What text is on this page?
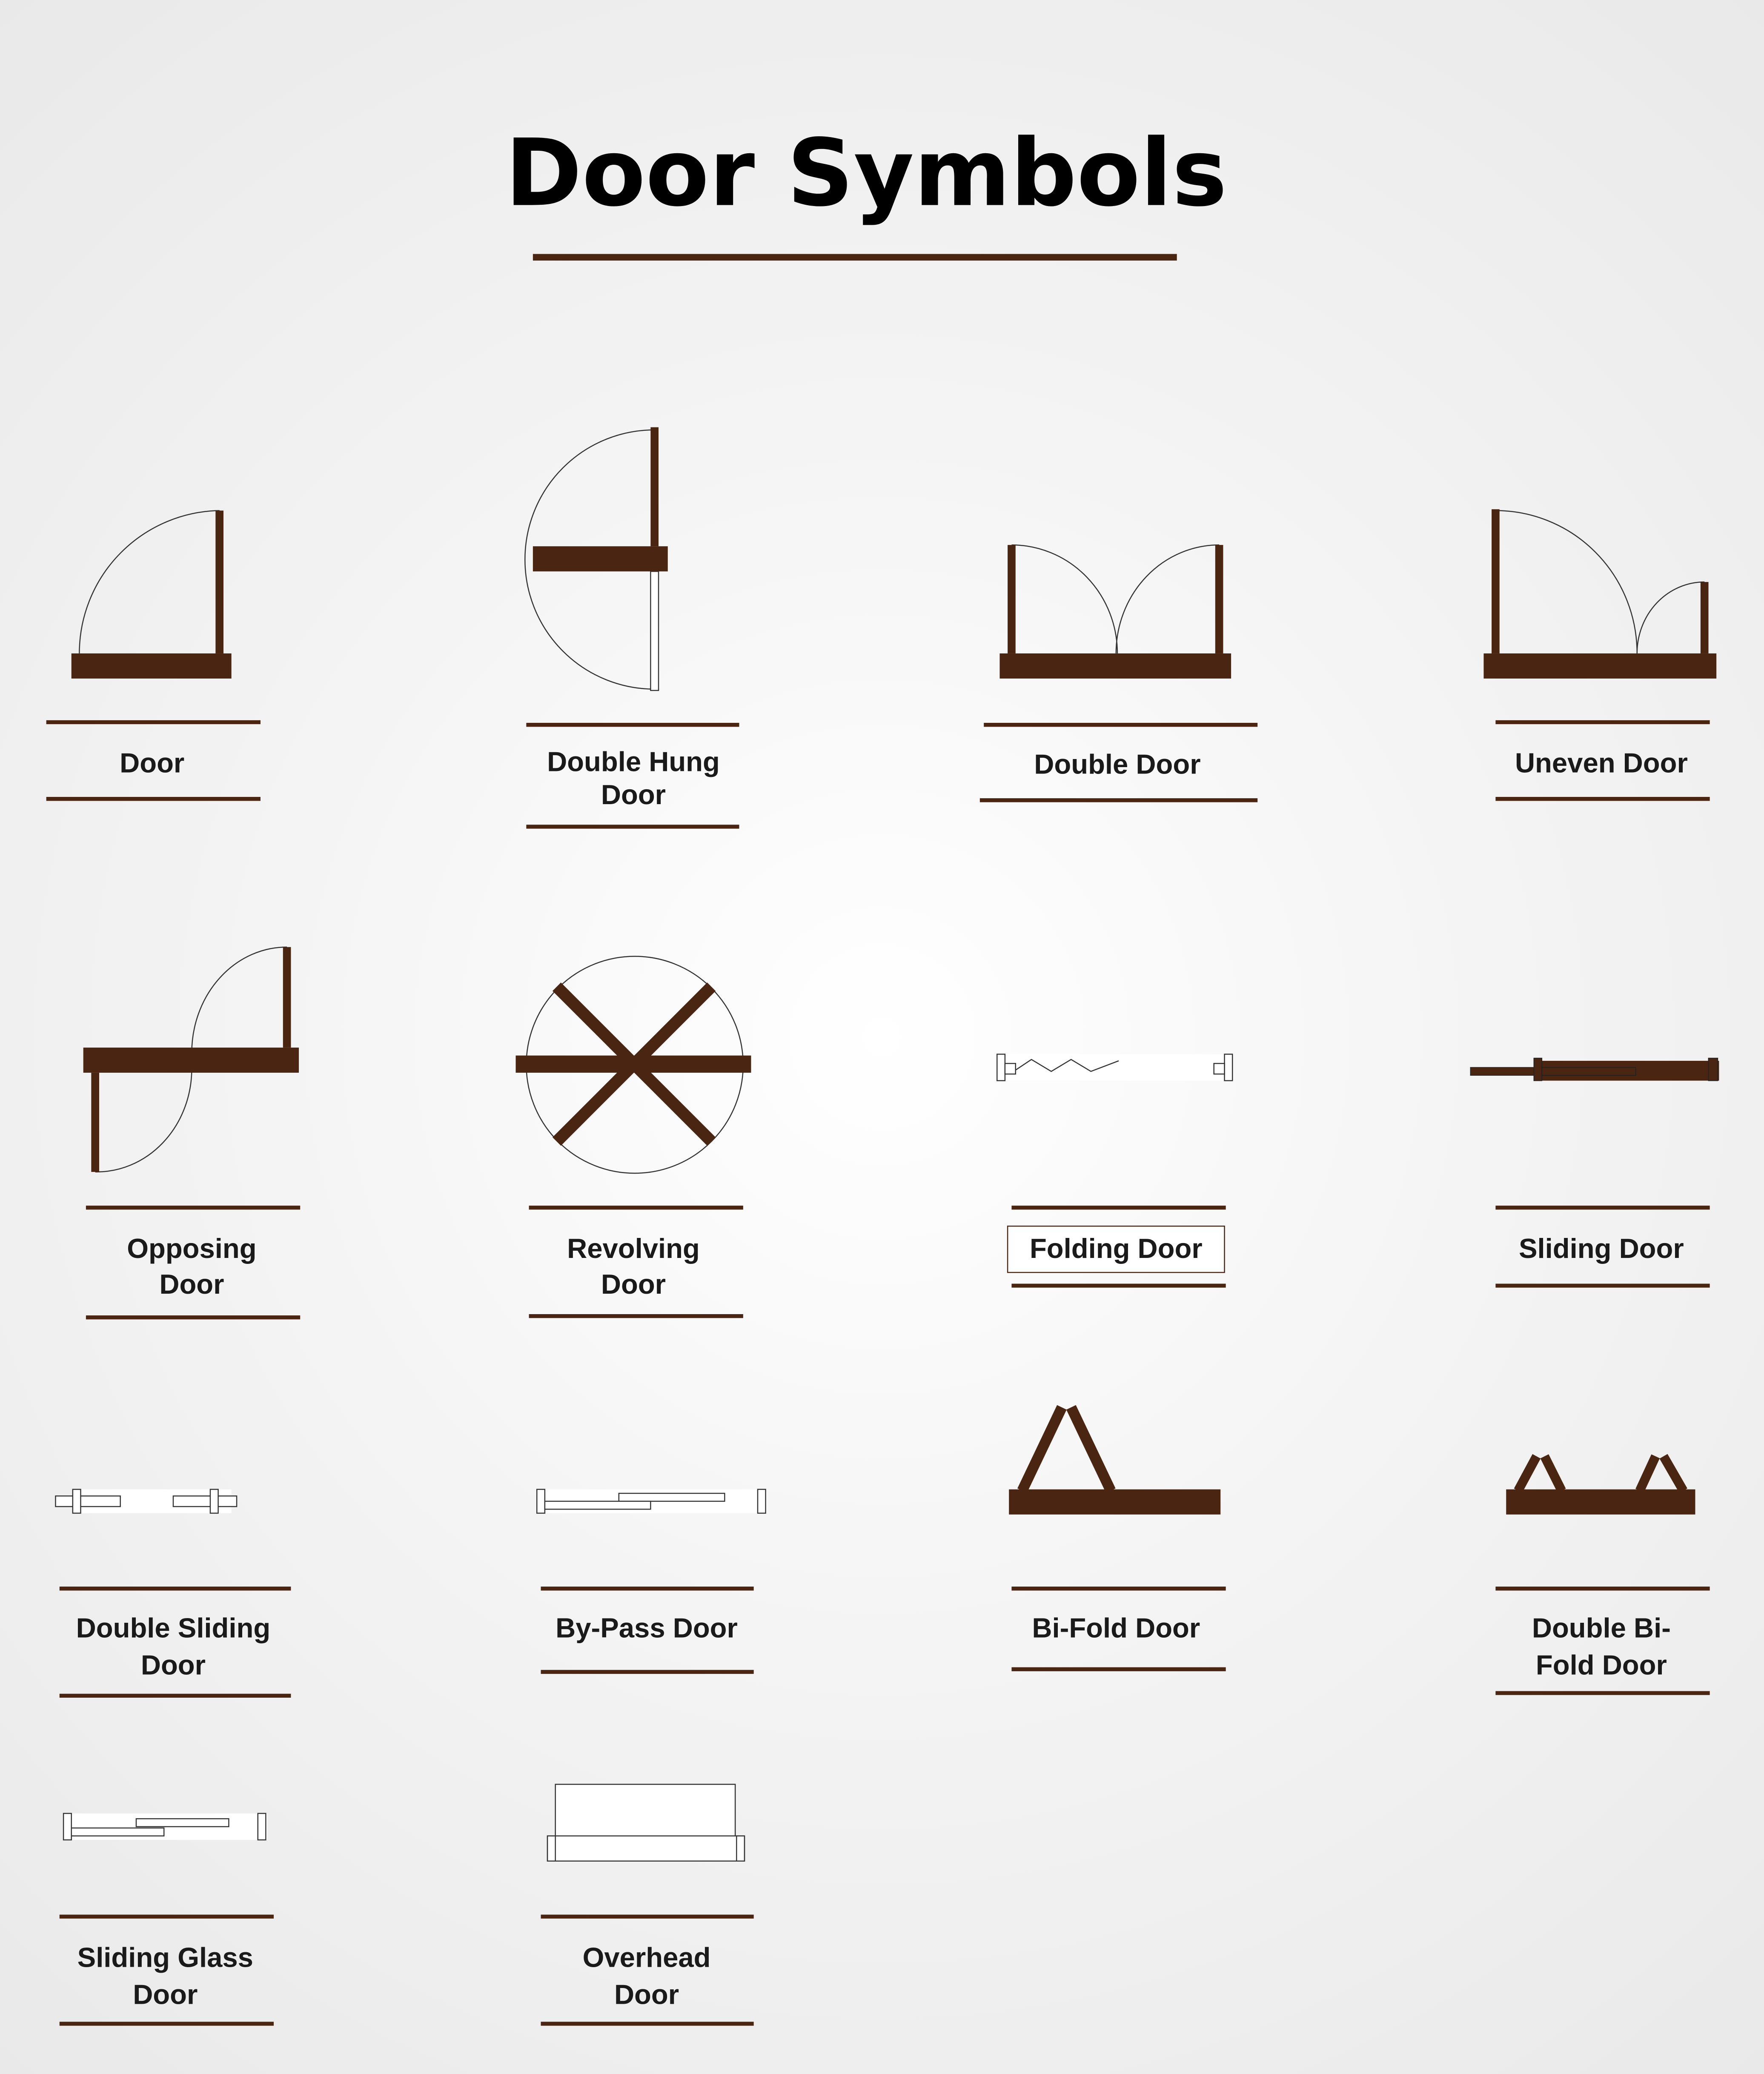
Door Symbols
Door	Double Hung
Door
Double Door	Uneven Door
Opposing
Door
Revolving
Door
Folding Door	Sliding Door
Double Sliding
Door
By-Pass Door	Bi-Fold Door	Double Bi-
Fold Door
Sliding Glass
Door
Overhead
Door
